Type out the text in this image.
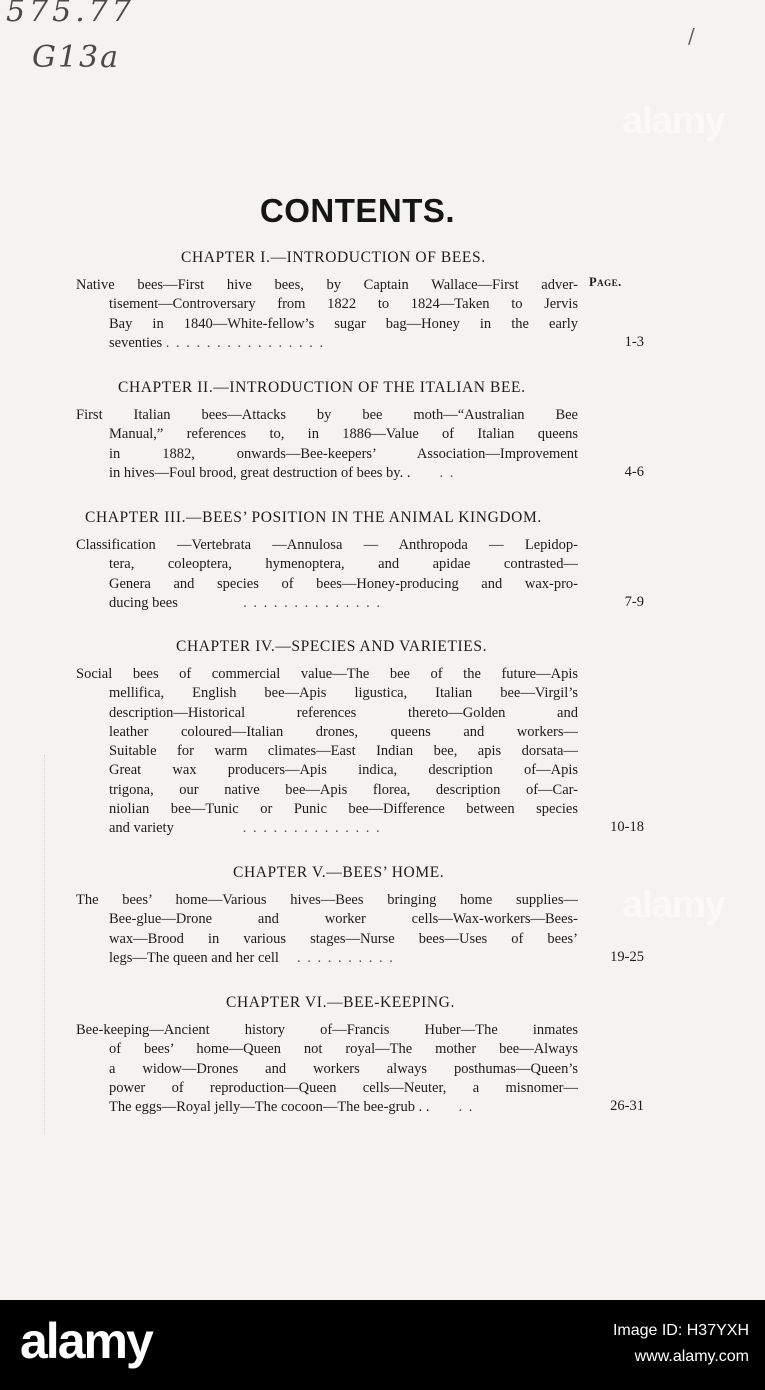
575.77
G13a
/
alamy
alamy
CONTENTS.
CHAPTER I.—INTRODUCTION OF BEES.
Page.
Native bees—First hive bees, by Captain Wallace—First adver-
tisement—Controversary from 1822 to 1824—Taken to Jervis
Bay in 1840—White-fellow’s sugar bag—Honey in the early
seventies . . . . . . . . . . . . . . . .	1-3
CHAPTER II.—INTRODUCTION OF THE ITALIAN BEE.
First Italian bees—Attacks by bee moth—“Australian Bee
Manual,” references to, in 1886—Value of Italian queens
in 1882, onwards—Bee-keepers’ Association—Improvement
in hives—Foul brood, great destruction of bees by. . . .	4-6
CHAPTER III.—BEES’ POSITION IN THE ANIMAL KINGDOM.
Classification —Vertebrata —Annulosa — Anthropoda — Lepidop-
tera, coleoptera, hymenoptera, and apidae contrasted—
Genera and species of bees—Honey-producing and wax-pro-
ducing bees	. . . . . . . . . . . . . .	7-9
CHAPTER IV.—SPECIES AND VARIETIES.
Social bees of commercial value—The bee of the future—Apis
mellifica, English bee—Apis ligustica, Italian bee—Virgil’s
description—Historical references thereto—Golden and
leather coloured—Italian drones, queens and workers—
Suitable for warm climates—East Indian bee, apis dorsata—
Great wax producers—Apis indica, description of—Apis
trigona, our native bee—Apis florea, description of—Car-
niolian bee—Tunic or Punic bee—Difference between species
and variety	. . . . . . . . . . . . . .	10-18
CHAPTER V.—BEES’ HOME.
The bees’ home—Various hives—Bees bringing home supplies—
Bee-glue—Drone and worker cells—Wax-workers—Bees-
wax—Brood in various stages—Nurse bees—Uses of bees’
legs—The queen and her cell . . . . . . . . . .	19-25
CHAPTER VI.—BEE-KEEPING.
Bee-keeping—Ancient history of—Francis Huber—The inmates
of bees’ home—Queen not royal—The mother bee—Always
a widow—Drones and workers always posthumas—Queen’s
power of reproduction—Queen cells—Neuter, a misnomer—
The eggs—Royal jelly—The cocoon—The bee-grub . . . .	26-31
alamy	Image ID: H37YXH
www.alamy.com
